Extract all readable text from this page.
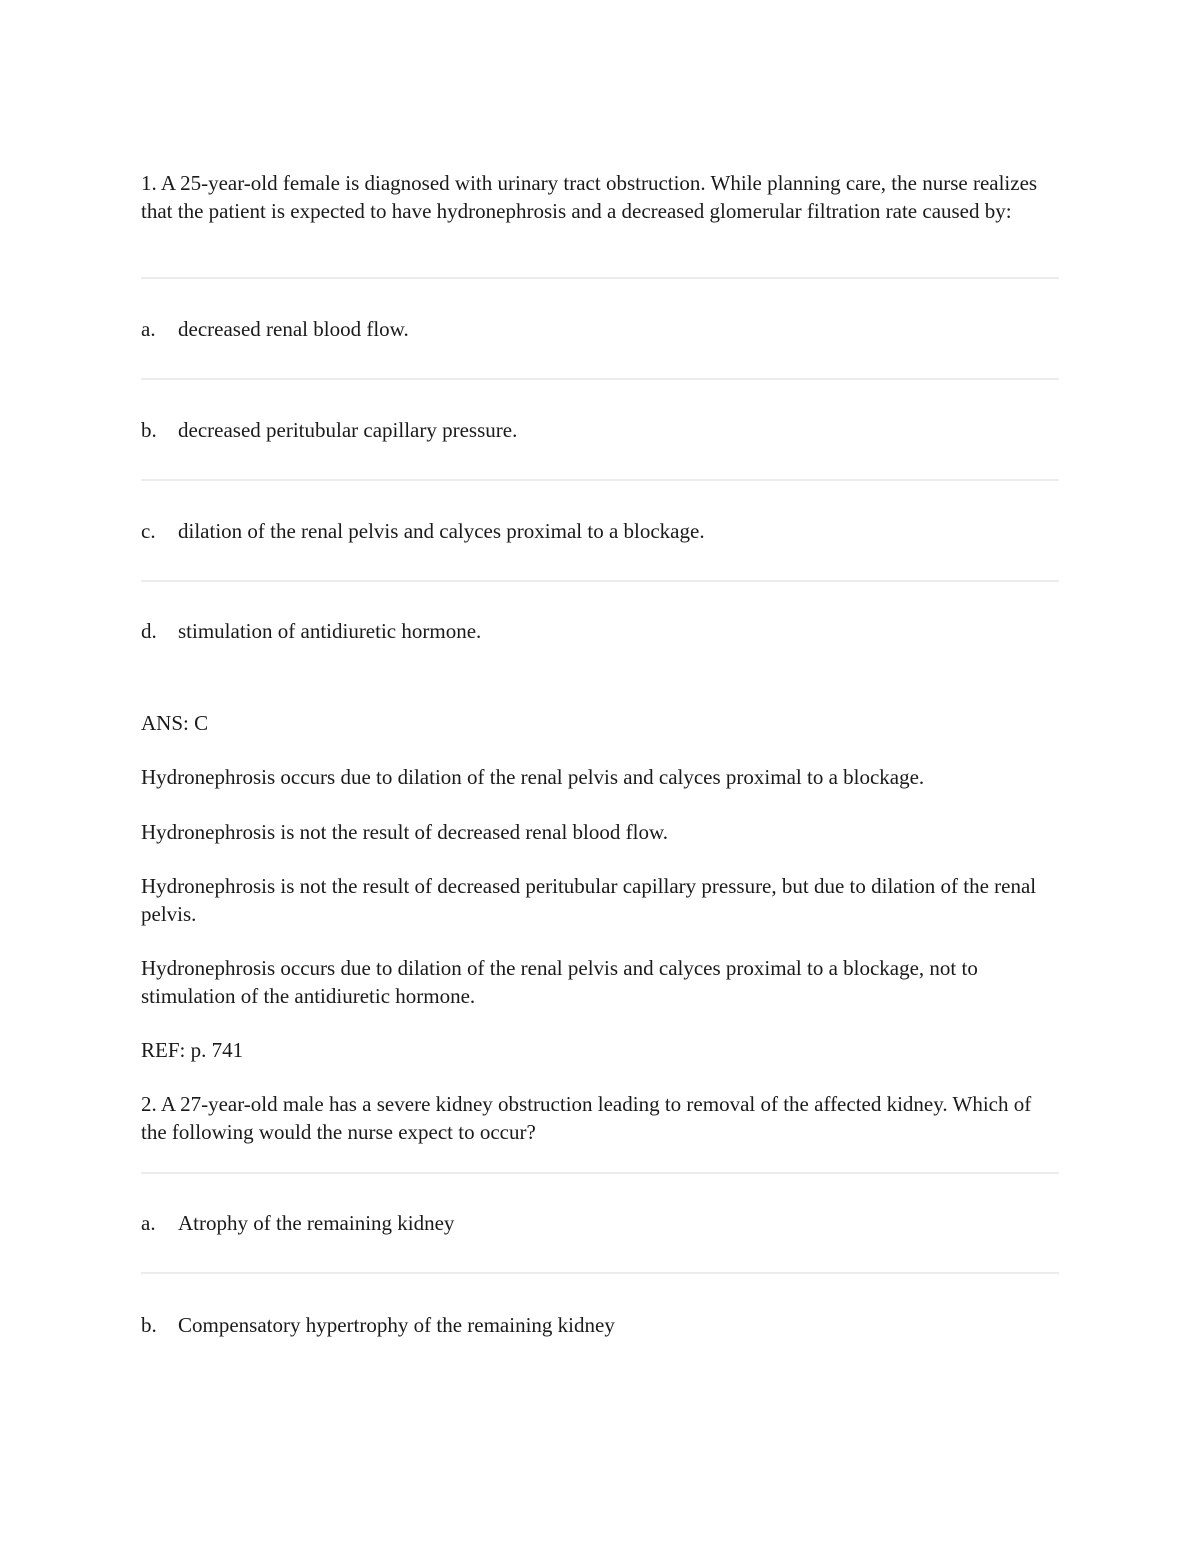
1. A 25-year-old female is diagnosed with urinary tract obstruction. While planning care, the nurse realizes that the patient is expected to have hydronephrosis and a decreased glomerular filtration rate caused by:

a. decreased renal blood flow.
b. decreased peritubular capillary pressure.
c. dilation of the renal pelvis and calyces proximal to a blockage.
d. stimulation of antidiuretic hormone.

ANS: C

Hydronephrosis occurs due to dilation of the renal pelvis and calyces proximal to a blockage.

Hydronephrosis is not the result of decreased renal blood flow.

Hydronephrosis is not the result of decreased peritubular capillary pressure, but due to dilation of the renal pelvis.

Hydronephrosis occurs due to dilation of the renal pelvis and calyces proximal to a blockage, not to stimulation of the antidiuretic hormone.

REF: p. 741

2. A 27-year-old male has a severe kidney obstruction leading to removal of the affected kidney. Which of the following would the nurse expect to occur?

a. Atrophy of the remaining kidney
b. Compensatory hypertrophy of the remaining kidney
